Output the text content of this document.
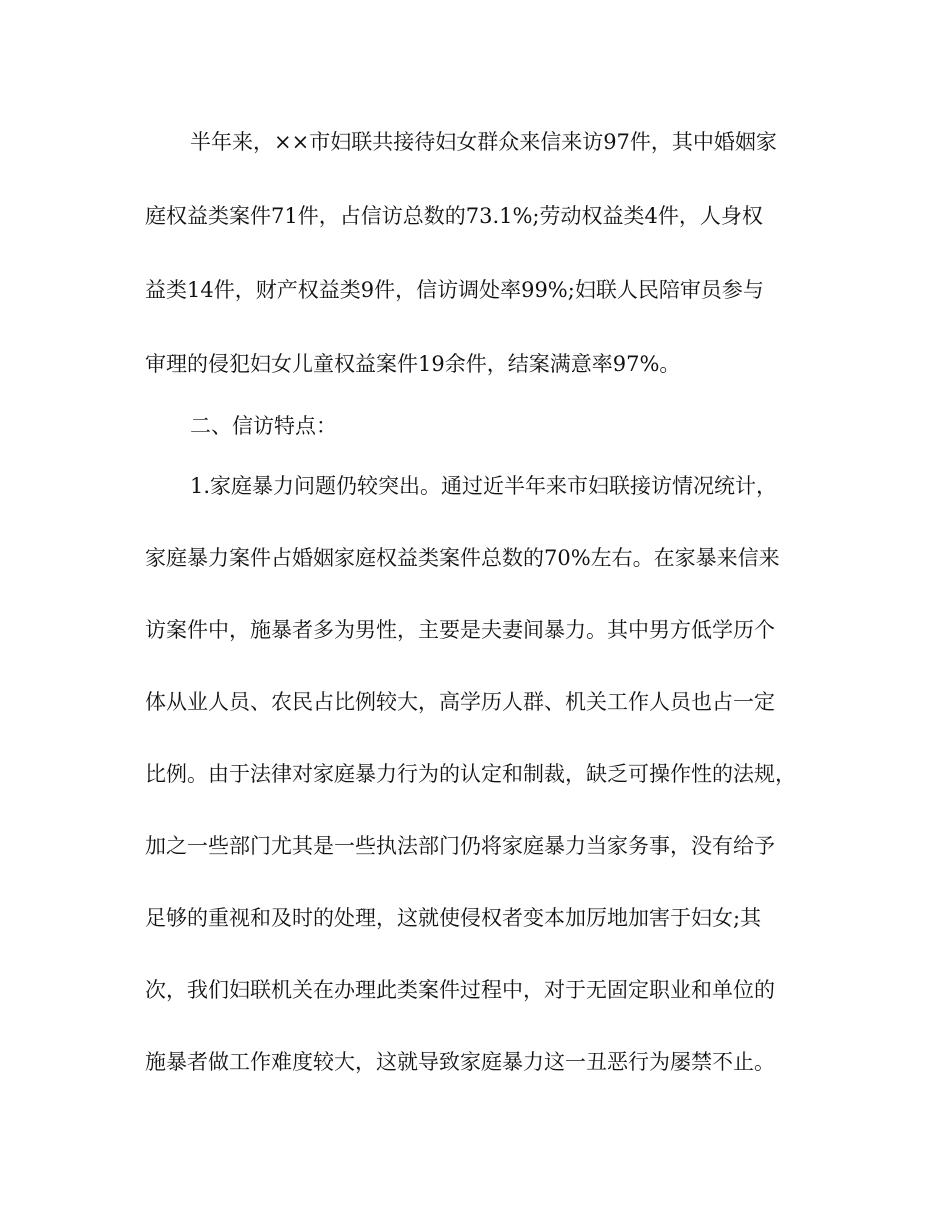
半年来，××市妇联共接待妇女群众来信来访97件，其中婚姻家
庭权益类案件71件，占信访总数的73.1%;劳动权益类4件，人身权
益类14件，财产权益类9件，信访调处率99%;妇联人民陪审员参与
审理的侵犯妇女儿童权益案件19余件，结案满意率97%。
二、信访特点：
1.家庭暴力问题仍较突出。通过近半年来市妇联接访情况统计，
家庭暴力案件占婚姻家庭权益类案件总数的70%左右。在家暴来信来
访案件中，施暴者多为男性，主要是夫妻间暴力。其中男方低学历个
体从业人员、农民占比例较大，高学历人群、机关工作人员也占一定
比例。由于法律对家庭暴力行为的认定和制裁，缺乏可操作性的法规，
加之一些部门尤其是一些执法部门仍将家庭暴力当家务事，没有给予
足够的重视和及时的处理，这就使侵权者变本加厉地加害于妇女;其
次，我们妇联机关在办理此类案件过程中，对于无固定职业和单位的
施暴者做工作难度较大，这就导致家庭暴力这一丑恶行为屡禁不止。
